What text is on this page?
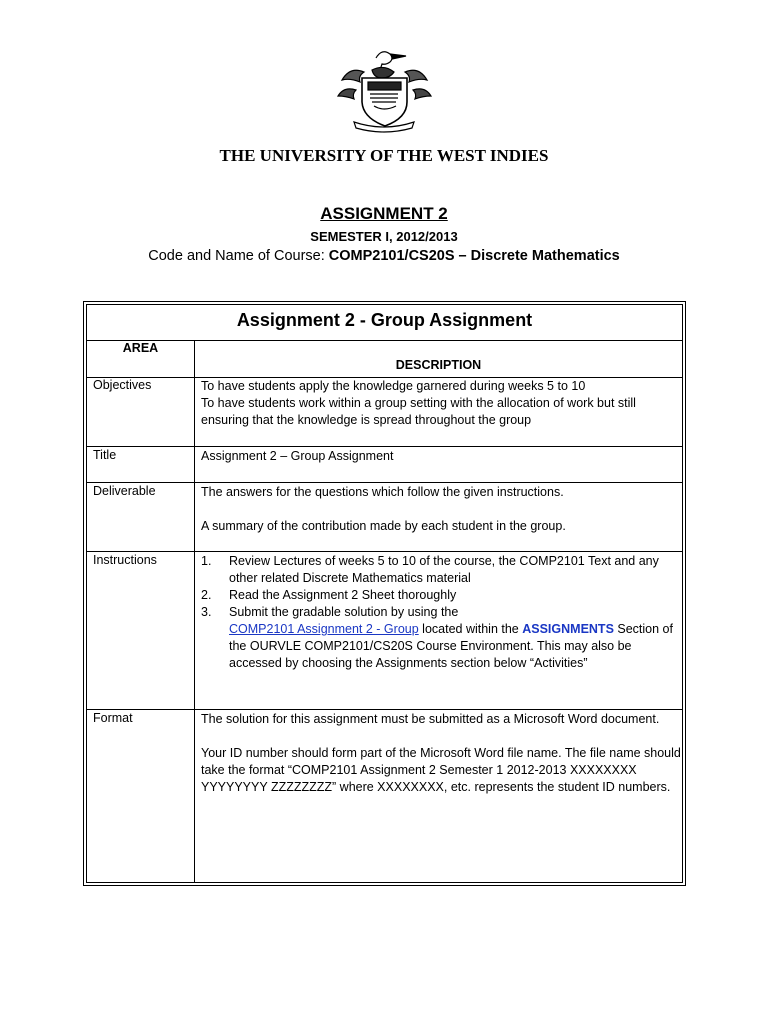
THE UNIVERSITY OF THE WEST INDIES
ASSIGNMENT 2
SEMESTER I, 2012/2013
Code and Name of Course: COMP2101/CS20S – Discrete Mathematics
Assignment 2 - Group Assignment
AREA
DESCRIPTION
Objectives	To have students apply the knowledge garnered during weeks 5 to 10

To have students work within a group setting with the allocation of work but still ensuring that the knowledge is spread throughout the group

Title	Assignment 2 – Group Assignment
Deliverable	The answers for the questions which follow the given instructions.

A summary of the contribution made by each student in the group.

Instructions	1. Review Lectures of weeks 5 to 10 of the course, the COMP2101 Text and any other related Discrete Mathematics material
2. Read the Assignment 2 Sheet thoroughly
3. Submit the gradable solution by using the
COMP2101 Assignment 2 - Group located within the ASSIGNMENTS Section of the OURVLE COMP2101/CS20S Course Environment. This may also be accessed by choosing the Assignments section below “Activities”
Format	The solution for this assignment must be submitted as a Microsoft Word document.

Your ID number should form part of the Microsoft Word file name. The file name should take the format “COMP2101 Assignment 2 Semester 1 2012-2013 XXXXXXXX YYYYYYYY ZZZZZZZZ” where XXXXXXXX, etc. represents the student ID numbers.
